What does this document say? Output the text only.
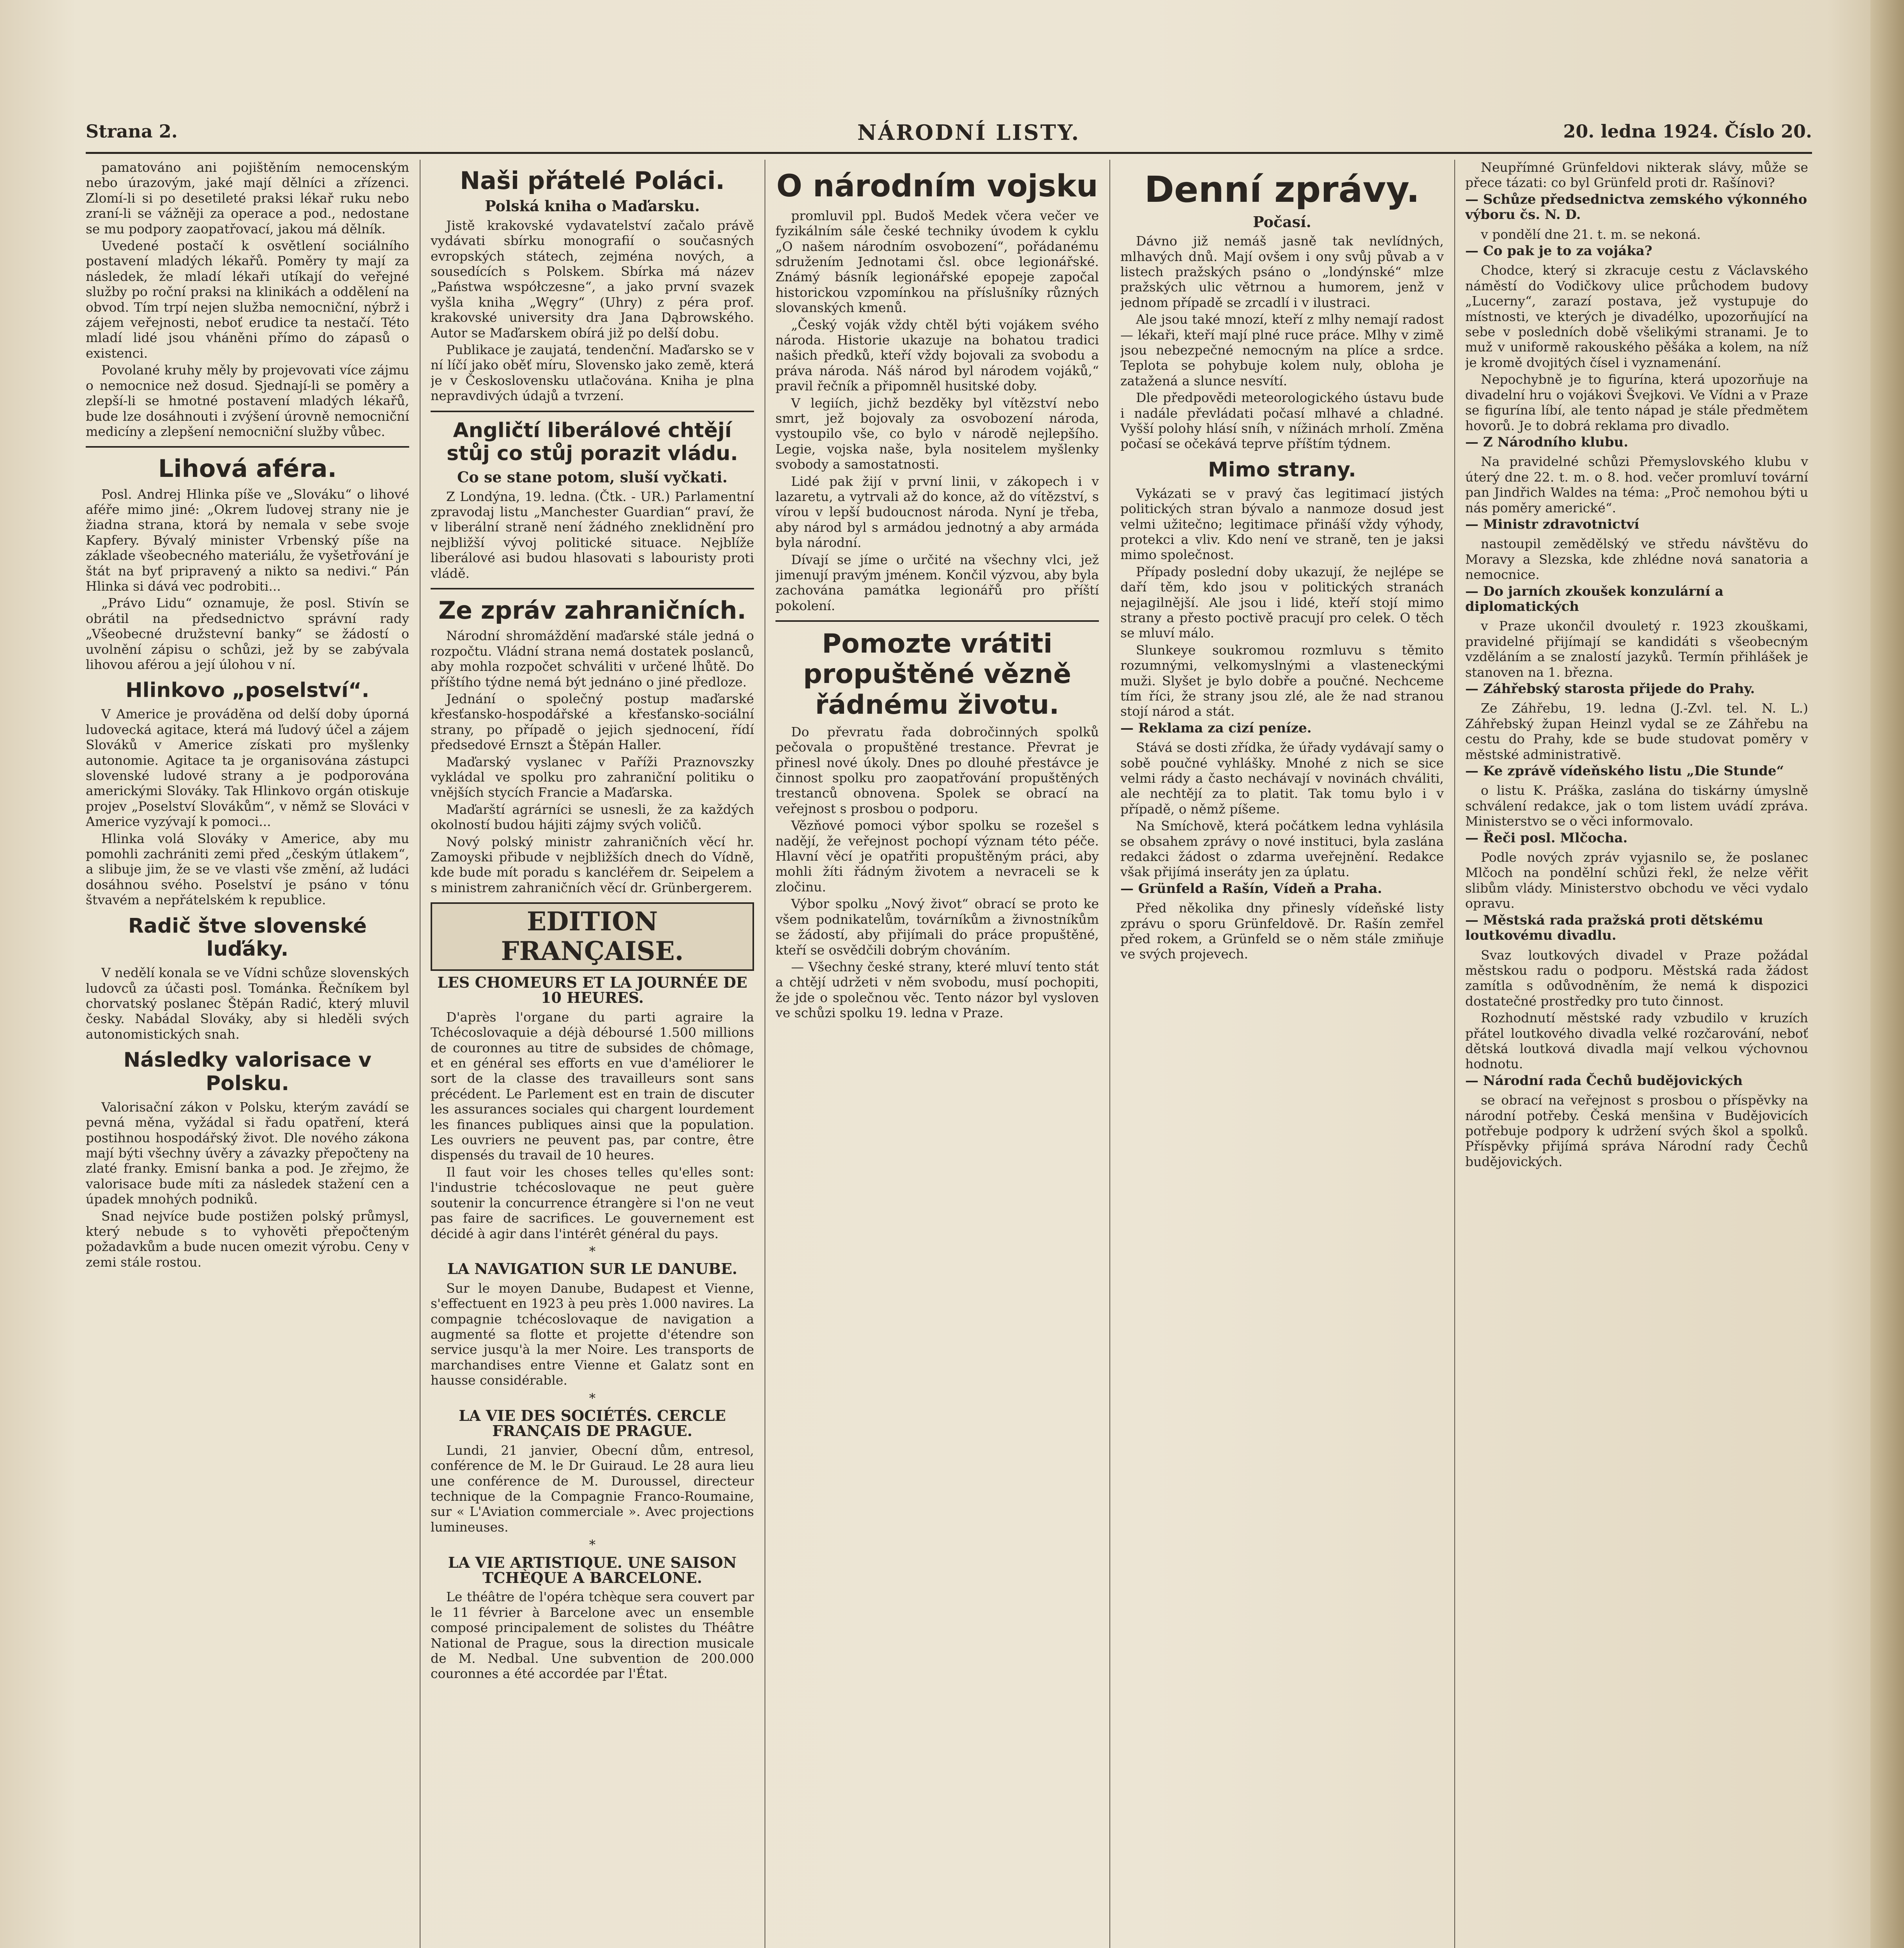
Strana 2.	NÁRODNÍ LISTY.	20. ledna 1924. Číslo 20.

pamatováno ani pojištěním nemocenským nebo úrazovým, jaké mají dělníci a zřízenci. Zlomí-li si po desetileté praksi lékař ruku nebo zraní-li se vážněji za operace a pod., nedostane se mu podpory zaopatřovací, jakou má dělník.

Uvedené postačí k osvětlení sociálního postavení mladých lékařů. Poměry ty mají za následek, že mladí lékaři utíkají do veřejné služby po roční praksi na klinikách a oddělení na obvod. Tím trpí nejen služba nemocniční, nýbrž i zájem veřejnosti, neboť erudice ta nestačí. Této mladí lidé jsou vháněni přímo do zápasů o existenci.

Povolané kruhy měly by projevovati více zájmu o nemocnice než dosud. Sjednají-li se poměry a zlepší-li se hmotné postavení mladých lékařů, bude lze dosáhnouti i zvýšení úrovně nemocniční medicíny a zlepšení nemocniční služby vůbec.

Lihová aféra.

Posl. Andrej Hlinka píše ve „Slováku“ o lihové aféře mimo jiné: „Okrem ľudovej strany nie je žiadna strana, ktorá by nemala v sebe svoje Kapfery. Bývalý minister Vrbenský píše na základe všeobecného materiálu, že vyšetřování je štát na byť pripravený a nikto sa nedivi.“ Pán Hlinka si dává vec podrobiti...

„Právo Lidu“ oznamuje, že posl. Stivín se obrátil na předsednictvo správní rady „Všeobecné družstevní banky“ se žádostí o uvolnění zápisu o schůzi, jež by se zabývala lihovou aférou a její úlohou v ní.

Hlinkovo „poselství“.

V Americe je prováděna od delší doby úporná ludovecká agitace, která má ľudový účel a zájem Slováků v Americe získati pro myšlenky autonomie. Agitace ta je organisována zástupci slovenské ludové strany a je podporována americkými Slováky. Tak Hlinkovo orgán otiskuje projev „Poselství Slovákům“, v němž se Slováci v Americe vyzývají k pomoci...

Hlinka volá Slováky v Americe, aby mu pomohli zachrániti zemi před „českým útlakem“, a slibuje jim, že se ve vlasti vše změní, až ludáci dosáhnou svého. Poselství je psáno v tónu štvavém a nepřátelském k republice.

Radič štve slovenské luďáky.

V nedělí konala se ve Vídni schůze slovenských ludovců za účasti posl. Tománka. Řečníkem byl chorvatský poslanec Štěpán Radić, který mluvil česky. Nabádal Slováky, aby si hleděli svých autonomistických snah.

Následky valorisace v Polsku.

Valorisační zákon v Polsku, kterým zavádí se pevná měna, vyžádal si řadu opatření, která postihnou hospodářský život. Dle nového zákona mají býti všechny úvěry a závazky přepočteny na zlaté franky. Emisní banka a pod. Je zřejmo, že valorisace bude míti za následek stažení cen a úpadek mnohých podniků.

Snad nejvíce bude postižen polský průmysl, který nebude s to vyhověti přepočteným požadavkům a bude nucen omezit výrobu. Ceny v zemi stále rostou.

Naši přátelé Poláci.
Polská kniha o Maďarsku.

Jistě krakovské vydavatelství začalo právě vydávati sbírku monografií o současných evropských státech, zejména nových, a sousedících s Polskem. Sbírka má název „Państwa współczesne“, a jako první svazek vyšla kniha „Węgry“ (Uhry) z péra prof. krakovské university dra Jana Dąbrowského. Autor se Maďarskem obírá již po delší dobu.

Publikace je zaujatá, tendenční. Maďarsko se v ní líčí jako oběť míru, Slovensko jako země, která je v Československu utlačována. Kniha je plna nepravdivých údajů a tvrzení.

Angličtí liberálové chtějí stůj co stůj porazit vládu.
Co se stane potom, sluší vyčkati.

Z Londýna, 19. ledna. (Čtk. - UR.) Parlamentní zpravodaj listu „Manchester Guardian“ praví, že v liberální straně není žádného zneklidnění pro nejbližší vývoj politické situace. Nejblíže liberálové asi budou hlasovati s labouristy proti vládě.

Ze zpráv zahraničních.

Národní shromáždění maďarské stále jedná o rozpočtu. Vládní strana nemá dostatek poslanců, aby mohla rozpočet schváliti v určené lhůtě. Do příštího týdne nemá být jednáno o jiné předloze.

Jednání o společný postup maďarské křesťansko-hospodářské a křesťansko-sociální strany, po případě o jejich sjednocení, řídí předsedové Ernszt a Štěpán Haller.

Maďarský vyslanec v Paříži Praznovszky vykládal ve spolku pro zahraniční politiku o vnějších stycích Francie a Maďarska.

Maďarští agrárníci se usnesli, že za každých okolností budou hájiti zájmy svých voličů.

Nový polský ministr zahraničních věcí hr. Zamoyski přibude v nejbližších dnech do Vídně, kde bude mít poradu s kancléřem dr. Seipelem a s ministrem zahraničních věcí dr. Grünbergerem.

EDITION FRANÇAISE.
LES CHOMEURS ET LA JOURNÉE DE 10 HEURES.

D'après l'organe du parti agraire la Tchécoslovaquie a déjà déboursé 1.500 millions de couronnes au titre de subsides de chômage, et en général ses efforts en vue d'améliorer le sort de la classe des travailleurs sont sans précédent. Le Parlement est en train de discuter les assurances sociales qui chargent lourdement les finances publiques ainsi que la population. Les ouvriers ne peuvent pas, par contre, être dispensés du travail de 10 heures.

Il faut voir les choses telles qu'elles sont: l'industrie tchécoslovaque ne peut guère soutenir la concurrence étrangère si l'on ne veut pas faire de sacrifices. Le gouvernement est décidé à agir dans l'intérêt général du pays.

*
LA NAVIGATION SUR LE DANUBE.

Sur le moyen Danube, Budapest et Vienne, s'effectuent en 1923 à peu près 1.000 navires. La compagnie tchécoslovaque de navigation a augmenté sa flotte et projette d'étendre son service jusqu'à la mer Noire. Les transports de marchandises entre Vienne et Galatz sont en hausse considérable.

*
LA VIE DES SOCIÉTÉS. CERCLE FRANÇAIS DE PRAGUE.

Lundi, 21 janvier, Obecní dům, entresol, conférence de M. le Dr Guiraud. Le 28 aura lieu une conférence de M. Duroussel, directeur technique de la Compagnie Franco-Roumaine, sur « L'Aviation commerciale ». Avec projections lumineuses.

*
LA VIE ARTISTIQUE. UNE SAISON TCHÈQUE A BARCELONE.

Le théâtre de l'opéra tchèque sera couvert par le 11 février à Barcelone avec un ensemble composé principalement de solistes du Théâtre National de Prague, sous la direction musicale de M. Nedbal. Une subvention de 200.000 couronnes a été accordée par l'État.

O národním vojsku

promluvil ppl. Budoš Medek včera večer ve fyzikálním sále české techniky úvodem k cyklu „O našem národním osvobození“, pořádanému sdružením Jednotami čsl. obce legionářské. Známý básník legionářské epopeje započal historickou vzpomínkou na příslušníky různých slovanských kmenů.

„Český voják vždy chtěl býti vojákem svého národa. Historie ukazuje na bohatou tradici našich předků, kteří vždy bojovali za svobodu a práva národa. Náš národ byl národem vojáků,“ pravil řečník a připomněl husitské doby.

V legiích, jichž bezděky byl vítězství nebo smrt, jež bojovaly za osvobození národa, vystoupilo vše, co bylo v národě nejlepšího. Legie, vojska naše, byla nositelem myšlenky svobody a samostatnosti.

Lidé pak žijí v první linii, v zákopech i v lazaretu, a vytrvali až do konce, až do vítězství, s vírou v lepší budoucnost národa. Nyní je třeba, aby národ byl s armádou jednotný a aby armáda byla národní.

Dívají se jíme o určité na všechny vlci, jež jimenují pravým jménem. Končil výzvou, aby byla zachována památka legionářů pro příští pokolení.

Pomozte vrátiti propuštěné vězně řádnému životu.

Do převratu řada dobročinných spolků pečovala o propuštěné trestance. Převrat je přinesl nové úkoly. Dnes po dlouhé přestávce je činnost spolku pro zaopatřování propuštěných trestanců obnovena. Spolek se obrací na veřejnost s prosbou o podporu.

Vězňové pomoci výbor spolku se rozešel s nadějí, že veřejnost pochopí význam této péče. Hlavní věcí je opatřiti propuštěným práci, aby mohli žíti řádným životem a nevraceli se k zločinu.

Výbor spolku „Nový život“ obrací se proto ke všem podnikatelům, továrníkům a živnostníkům se žádostí, aby přijímali do práce propuštěné, kteří se osvědčili dobrým chováním.

— Všechny české strany, které mluví tento stát a chtějí udržeti v něm svobodu, musí pochopiti, že jde o společnou věc. Tento názor byl vysloven ve schůzi spolku 19. ledna v Praze.

Denní zprávy.
Počasí.

Dávno již nemáš jasně tak nevlídných, mlhavých dnů. Mají ovšem i ony svůj půvab a v listech pražských psáno o „londýnské“ mlze pražských ulic větrnou a humorem, jenž v jednom případě se zrcadlí i v ilustraci.

Ale jsou také mnozí, kteří z mlhy nemají radost — lékaři, kteří mají plné ruce práce. Mlhy v zimě jsou nebezpečné nemocným na plíce a srdce. Teplota se pohybuje kolem nuly, obloha je zatažená a slunce nesvítí.

Dle předpovědi meteorologického ústavu bude i nadále převládati počasí mlhavé a chladné. Vyšší polohy hlásí sníh, v nížinách mrholí. Změna počasí se očekává teprve příštím týdnem.

Mimo strany.

Vykázati se v pravý čas legitimací jistých politických stran bývalo a nanmoze dosud jest velmi užitečno; legitimace přináší vždy výhody, protekci a vliv. Kdo není ve straně, ten je jaksi mimo společnost.

Případy poslední doby ukazují, že nejlépe se daří těm, kdo jsou v politických stranách nejagilnější. Ale jsou i lidé, kteří stojí mimo strany a přesto poctivě pracují pro celek. O těch se mluví málo.

Slunkeye soukromou rozmluvu s těmito rozumnými, velkomyslnými a vlasteneckými muži. Slyšet je bylo dobře a poučné. Nechceme tím říci, že strany jsou zlé, ale že nad stranou stojí národ a stát.

— Reklama za cizí peníze.

Stává se dosti zřídka, že úřady vydávají samy o sobě poučné vyhlášky. Mnohé z nich se sice velmi rády a často nechávají v novinách chváliti, ale nechtějí za to platit. Tak tomu bylo i v případě, o němž píšeme.

Na Smíchově, která počátkem ledna vyhlásila se obsahem zprávy o nové instituci, byla zaslána redakci žádost o zdarma uveřejnění. Redakce však přijímá inseráty jen za úplatu.

— Grünfeld a Rašín, Vídeň a Praha.

Před několika dny přinesly vídeňské listy zprávu o sporu Grünfeldově. Dr. Rašín zemřel před rokem, a Grünfeld se o něm stále zmiňuje ve svých projevech.

Neupřímné Grünfeldovi nikterak slávy, může se přece tázati: co byl Grünfeld proti dr. Rašínovi?

— Schůze předsednictva zemského výkonného výboru čs. N. D.

v pondělí dne 21. t. m. se nekoná.

— Co pak je to za vojáka?

Chodce, který si zkracuje cestu z Václavského náměstí do Vodičkovy ulice průchodem budovy „Lucerny“, zarazí postava, jež vystupuje do místnosti, ve kterých je divadélko, upozorňující na sebe v posledních době všelikými stranami. Je to muž v uniformě rakouského pěšáka a kolem, na níž je kromě dvojitých čísel i vyznamenání.

Nepochybně je to figurína, která upozorňuje na divadelní hru o vojákovi Švejkovi. Ve Vídni a v Praze se figurína líbí, ale tento nápad je stále předmětem hovorů. Je to dobrá reklama pro divadlo.

— Z Národního klubu.

Na pravidelné schůzi Přemyslovského klubu v úterý dne 22. t. m. o 8. hod. večer promluví tovární pan Jindřich Waldes na téma: „Proč nemohou býti u nás poměry americké“.

— Ministr zdravotnictví

nastoupil zemědělský ve středu návštěvu do Moravy a Slezska, kde zhlédne nová sanatoria a nemocnice.

— Do jarních zkoušek konzulární a diplomatických

v Praze ukončil dvouletý r. 1923 zkouškami, pravidelné přijímají se kandidáti s všeobecným vzděláním a se znalostí jazyků. Termín přihlášek je stanoven na 1. března.

— Záhřebský starosta přijede do Prahy.

Ze Záhřebu, 19. ledna (J.-Zvl. tel. N. L.) Záhřebský župan Heinzl vydal se ze Záhřebu na cestu do Prahy, kde se bude studovat poměry v městské administrativě.

— Ke zprávě vídeňského listu „Die Stunde“

o listu K. Práška, zaslána do tiskárny úmyslně schválení redakce, jak o tom listem uvádí zpráva. Ministerstvo se o věci informovalo.

— Řeči posl. Mlčocha.

Podle nových zpráv vyjasnilo se, že poslanec Mlčoch na pondělní schůzi řekl, že nelze věřit slibům vlády. Ministerstvo obchodu ve věci vydalo opravu.

— Městská rada pražská proti dětskému loutkovému divadlu.

Svaz loutkových divadel v Praze požádal městskou radu o podporu. Městská rada žádost zamítla s odůvodněním, že nemá k dispozici dostatečné prostředky pro tuto činnost.

Rozhodnutí městské rady vzbudilo v kruzích přátel loutkového divadla velké rozčarování, neboť dětská loutková divadla mají velkou výchovnou hodnotu.

— Národní rada Čechů budějovických

se obrací na veřejnost s prosbou o příspěvky na národní potřeby. Česká menšina v Budějovicích potřebuje podpory k udržení svých škol a spolků. Příspěvky přijímá správa Národní rady Čechů budějovických.
